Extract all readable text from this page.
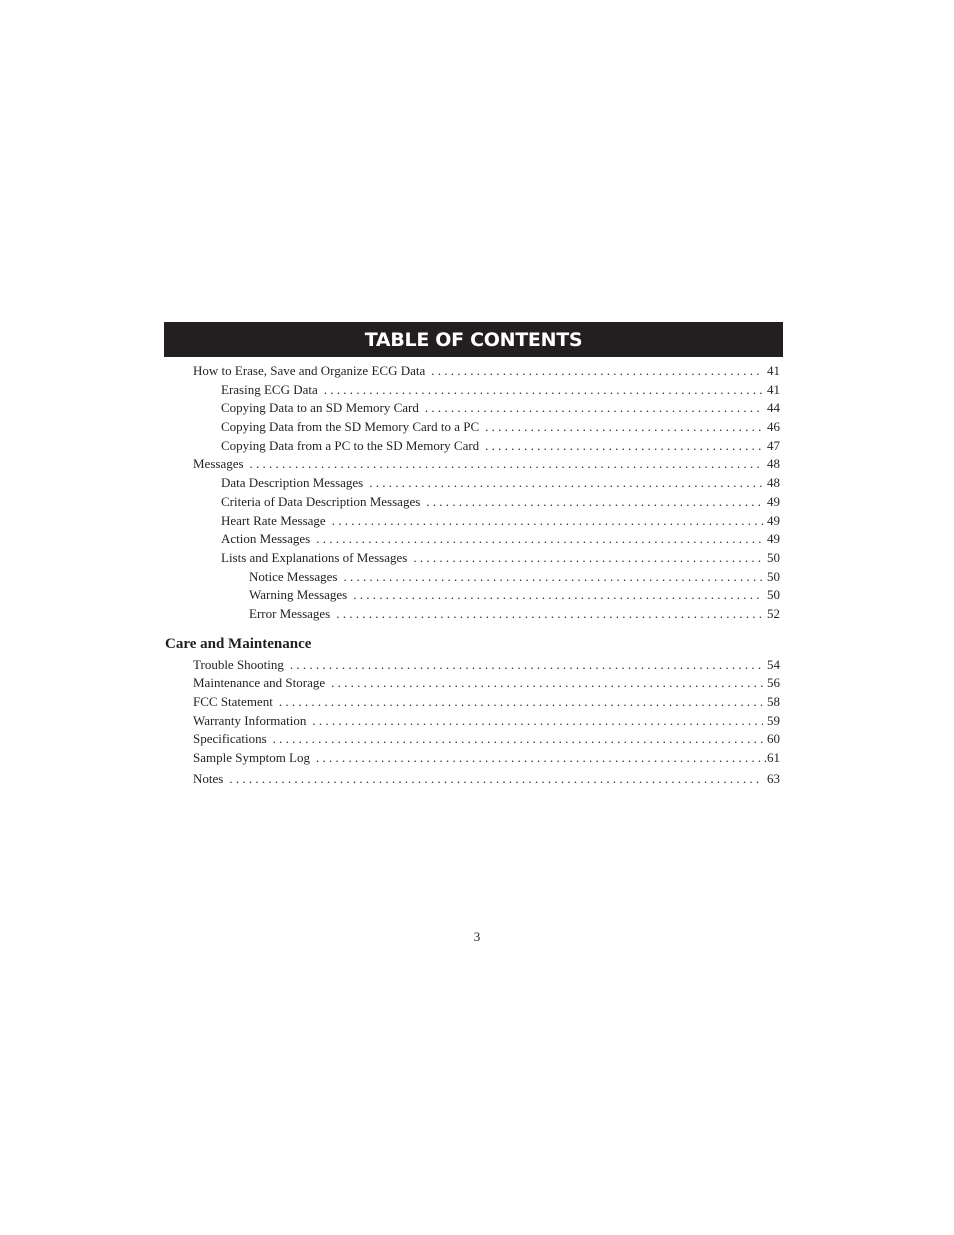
TABLE OF CONTENTS
How to Erase, Save and Organize ECG Data . . .	41
Erasing ECG Data . . .	41
Copying Data to an SD Memory Card . . .	44
Copying Data from the SD Memory Card to a PC . . .	46
Copying Data from a PC to the SD Memory Card . . .	47
Messages . . .	48
Data Description Messages . . .	48
Criteria of Data Description Messages . . .	49
Heart Rate Message . . .	49
Action Messages . . .	49
Lists and Explanations of Messages . . .	50
Notice Messages . . .	50
Warning Messages . . .	50
Error Messages . . .	52
Care and Maintenance
Trouble Shooting . . .	54
Maintenance and Storage . . .	56
FCC Statement . . .	58
Warranty Information . . .	59
Specifications . . .	60
Sample Symptom Log . . .	.61
Notes . . .	63
3
